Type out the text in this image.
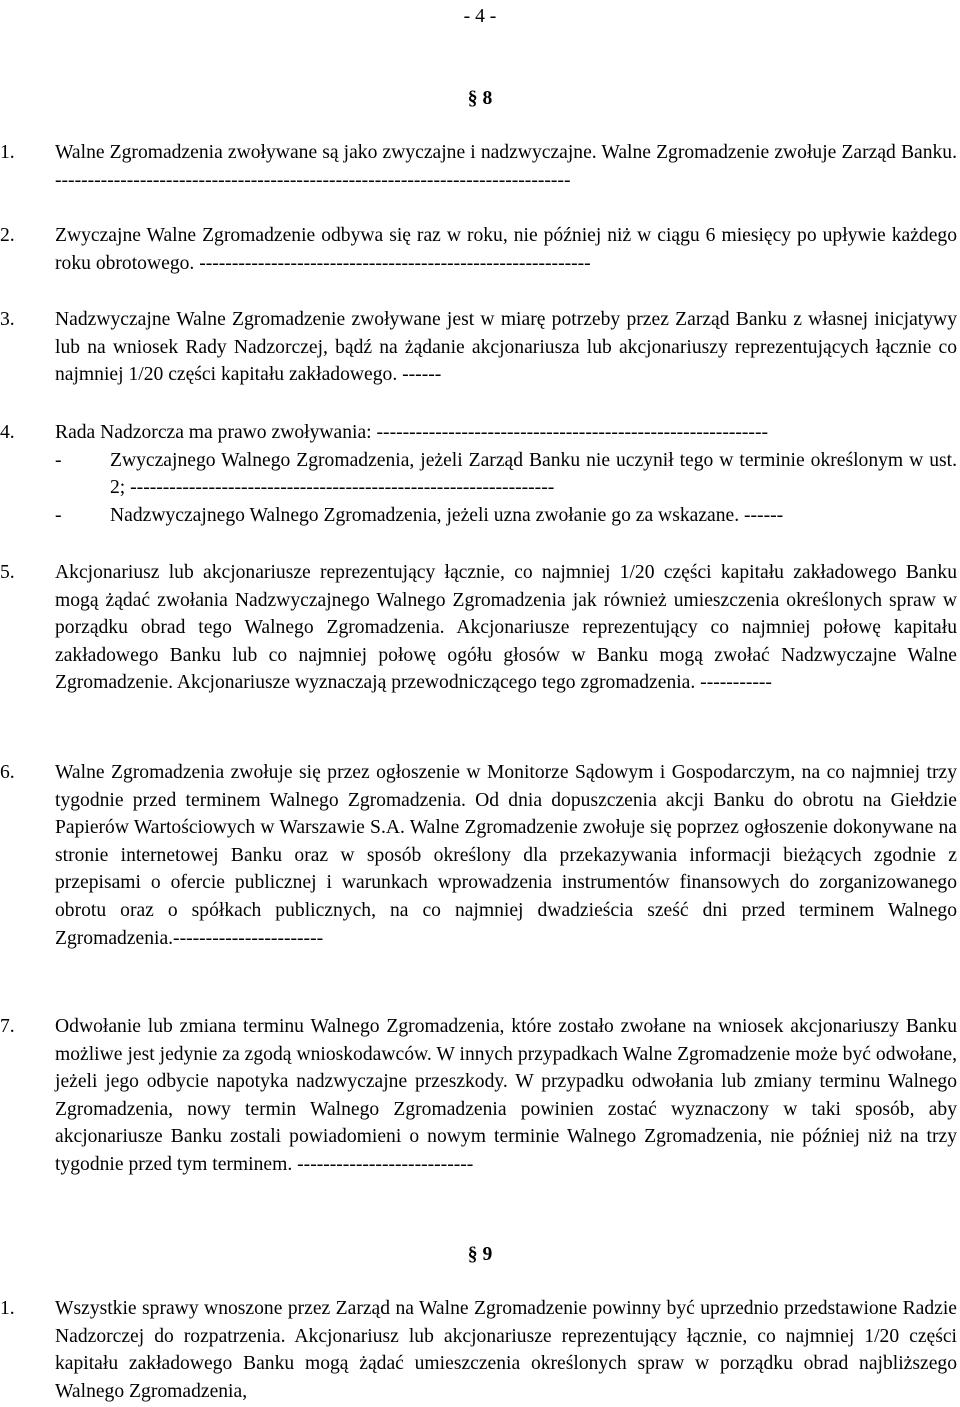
- 4 -
§ 8
1. Walne Zgromadzenia zwoływane są jako zwyczajne i nadzwyczajne. Walne Zgromadzenie zwołuje Zarząd Banku. -------------------------------------------------------------------------------

2. Zwyczajne Walne Zgromadzenie odbywa się raz w roku, nie później niż w ciągu 6 miesięcy po upływie każdego roku obrotowego. ------------------------------------------------------------

3. Nadzwyczajne Walne Zgromadzenie zwoływane jest w miarę potrzeby przez Zarząd Banku z własnej inicjatywy lub na wniosek Rady Nadzorczej, bądź na żądanie akcjonariusza lub akcjonariuszy reprezentujących łącznie co najmniej 1/20 części kapitału zakładowego. ------

4. Rada Nadzorcza ma prawo zwoływania: ------------------------------------------------------------

- Zwyczajnego Walnego Zgromadzenia, jeżeli Zarząd Banku nie uczynił tego w terminie określonym w ust. 2; -----------------------------------------------------------------
- Nadzwyczajnego Walnego Zgromadzenia, jeżeli uzna zwołanie go za wskazane. ------
5. Akcjonariusz lub akcjonariusze reprezentujący łącznie, co najmniej 1/20 części kapitału zakładowego Banku mogą żądać zwołania Nadzwyczajnego Walnego Zgromadzenia jak również umieszczenia określonych spraw w porządku obrad tego Walnego Zgromadzenia. Akcjonariusze reprezentujący co najmniej połowę kapitału zakładowego Banku lub co najmniej połowę ogółu głosów w Banku mogą zwołać Nadzwyczajne Walne Zgromadzenie. Akcjonariusze wyznaczają przewodniczącego tego zgromadzenia. -----------

6. Walne Zgromadzenia zwołuje się przez ogłoszenie w Monitorze Sądowym i Gospodarczym, na co najmniej trzy tygodnie przed terminem Walnego Zgromadzenia. Od dnia dopuszczenia akcji Banku do obrotu na Giełdzie Papierów Wartościowych w Warszawie S.A. Walne Zgromadzenie zwołuje się poprzez ogłoszenie dokonywane na stronie internetowej Banku oraz w sposób określony dla przekazywania informacji bieżących zgodnie z przepisami o ofercie publicznej i warunkach wprowadzenia instrumentów finansowych do zorganizowanego obrotu oraz o spółkach publicznych, na co najmniej dwadzieścia sześć dni przed terminem Walnego Zgromadzenia.-----------------------

7. Odwołanie lub zmiana terminu Walnego Zgromadzenia, które zostało zwołane na wniosek akcjonariuszy Banku możliwe jest jedynie za zgodą wnioskodawców. W innych przypadkach Walne Zgromadzenie może być odwołane, jeżeli jego odbycie napotyka nadzwyczajne przeszkody. W przypadku odwołania lub zmiany terminu Walnego Zgromadzenia, nowy termin Walnego Zgromadzenia powinien zostać wyznaczony w taki sposób, aby akcjonariusze Banku zostali powiadomieni o nowym terminie Walnego Zgromadzenia, nie później niż na trzy tygodnie przed tym terminem. ---------------------------

§ 9
1. Wszystkie sprawy wnoszone przez Zarząd na Walne Zgromadzenie powinny być uprzednio przedstawione Radzie Nadzorczej do rozpatrzenia. Akcjonariusz lub akcjonariusze reprezentujący łącznie, co najmniej 1/20 części kapitału zakładowego Banku mogą żądać umieszczenia określonych spraw w porządku obrad najbliższego Walnego Zgromadzenia,
